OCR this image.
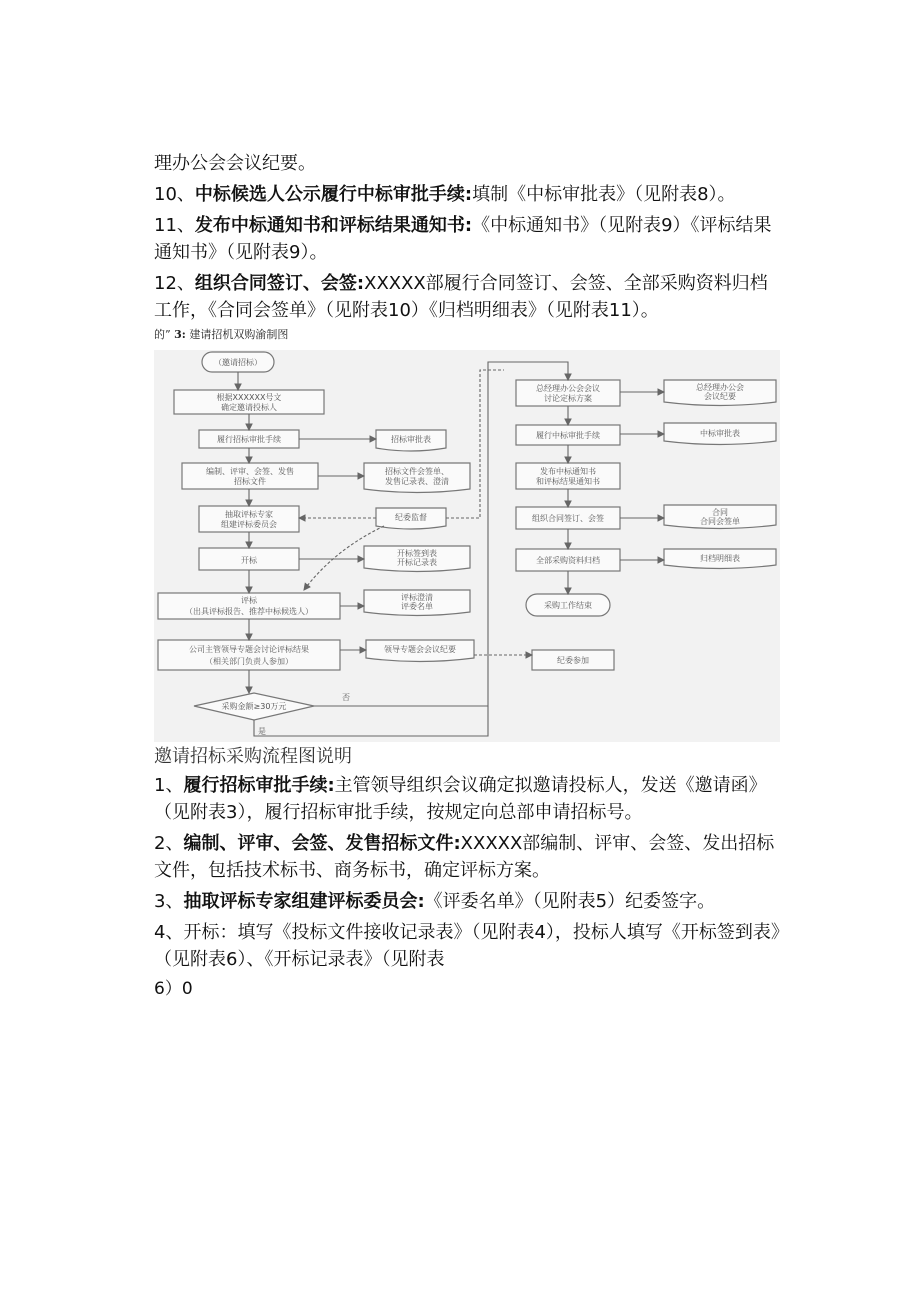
理办公会会议纪要。

10、中标候选人公示履行中标审批手续:填制《中标审批表》（见附表8）。

11、发布中标通知书和评标结果通知书:《中标通知书》（见附表9）《评标结果通知书》（见附表9）。

12、组织合同签订、会签:XXXXX部履行合同签订、会签、全部采购资料归档工作，《合同会签单》（见附表10）《归档明细表》（见附表11）。

的” 3: 建请招机双购渝制图

（邀请招标）
根据XXXXXX号文
确定邀请投标人
履行招标审批手续	招标审批表
编制、评审、会签、发售
招标文件
招标文件会签单、
发售记录表、澄清
抽取评标专家
组建评标委员会
纪委监督
开标
开标签到表
开标记录表
评标
（出具评标报告、推荐中标候选人）
评标澄清
评委名单
公司主管领导专题会讨论评标结果
（相关部门负责人参加）
领导专题会会议纪要
采购金额≥30万元
否
是
总经理办公会会议
讨论定标方案
总经理办公会
会议纪要
履行中标审批手续	中标审批表
发布中标通知书
和评标结果通知书
组织合同签订、会签
合同
合同会签单
全部采购资料归档	归档明细表
采购工作结束
纪委参加

邀请招标采购流程图说明

1、履行招标审批手续:主管领导组织会议确定拟邀请投标人，发送《邀请函》（见附表3），履行招标审批手续，按规定向总部申请招标号。

2、编制、评审、会签、发售招标文件:XXXXX部编制、评审、会签、发出招标文件，包括技术标书、商务标书，确定评标方案。

3、抽取评标专家组建评标委员会:《评委名单》（见附表5）纪委签字。

4、开标：填写《投标文件接收记录表》（见附表4），投标人填写《开标签到表》（见附表6）、《开标记录表》（见附表

6）0
